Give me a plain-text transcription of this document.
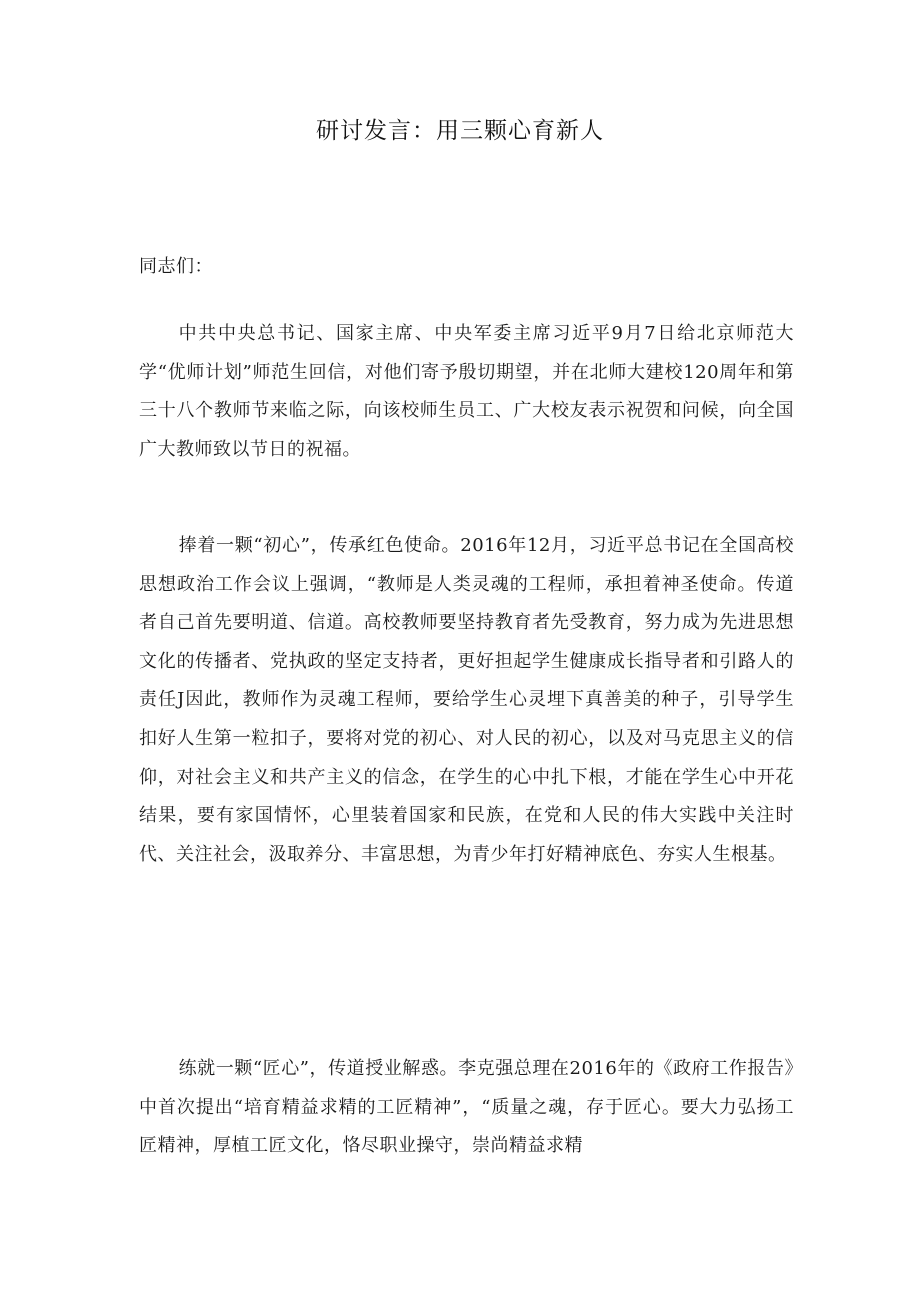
研讨发言：用三颗心育新人

同志们：

中共中央总书记、国家主席、中央军委主席习近平9月7日给北京师范大学“优师计划”师范生回信，对他们寄予殷切期望，并在北师大建校120周年和第三十八个教师节来临之际，向该校师生员工、广大校友表示祝贺和问候，向全国广大教师致以节日的祝福。

捧着一颗“初心”，传承红色使命。2016年12月，习近平总书记在全国高校思想政治工作会议上强调，“教师是人类灵魂的工程师，承担着神圣使命。传道者自己首先要明道、信道。高校教师要坚持教育者先受教育，努力成为先进思想文化的传播者、党执政的坚定支持者，更好担起学生健康成长指导者和引路人的责任J因此，教师作为灵魂工程师，要给学生心灵埋下真善美的种子，引导学生扣好人生第一粒扣子，要将对党的初心、对人民的初心，以及对马克思主义的信仰，对社会主义和共产主义的信念，在学生的心中扎下根，才能在学生心中开花结果，要有家国情怀，心里装着国家和民族，在党和人民的伟大实践中关注时代、关注社会，汲取养分、丰富思想，为青少年打好精神底色、夯实人生根基。

练就一颗“匠心”，传道授业解惑。李克强总理在2016年的《政府工作报告》中首次提出“培育精益求精的工匠精神”，“质量之魂，存于匠心。要大力弘扬工匠精神，厚植工匠文化，恪尽职业操守，崇尚精益求精
